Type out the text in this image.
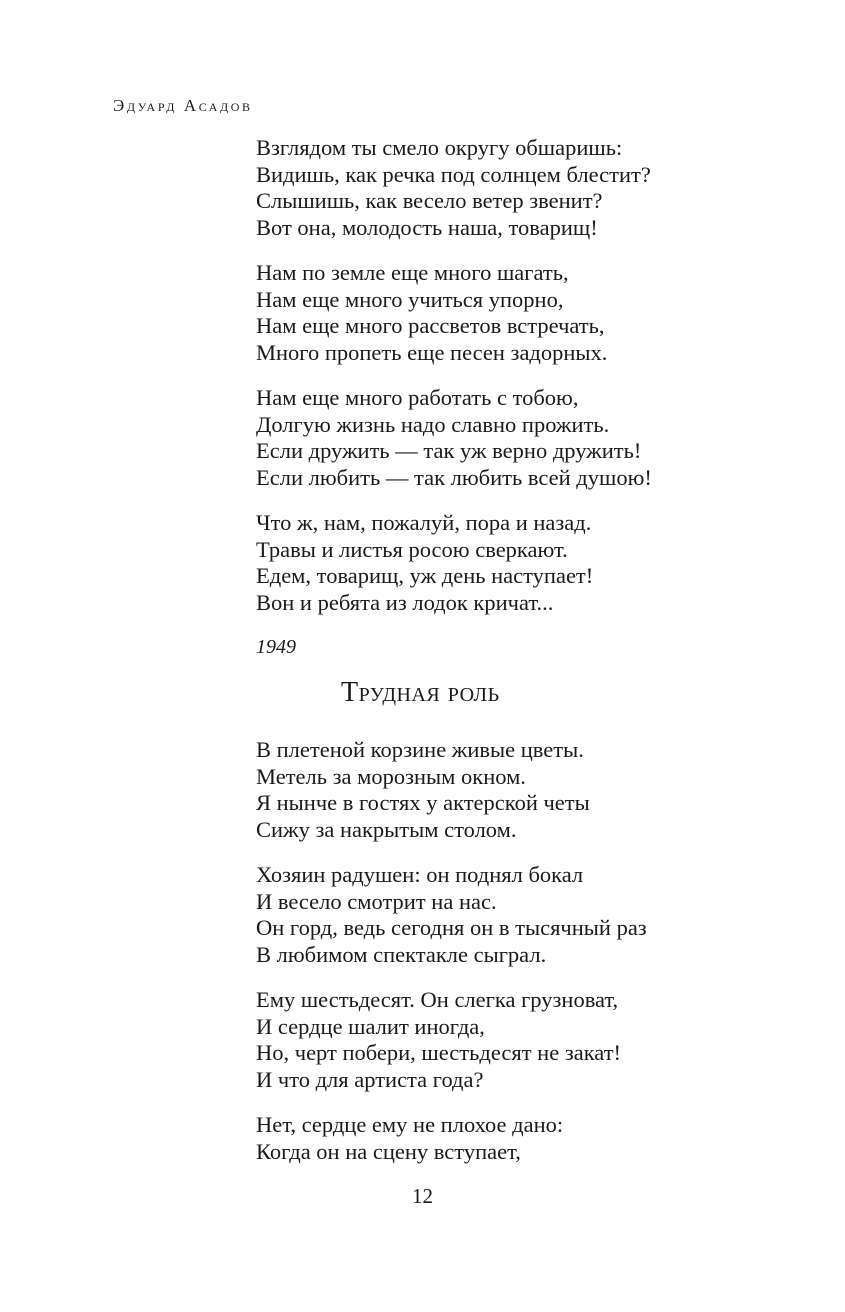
Эдуард Асадов
Взглядом ты смело округу обшаришь:
Видишь, как речка под солнцем блестит?
Слышишь, как весело ветер звенит?
Вот она, молодость наша, товарищ!
Нам по земле еще много шагать,
Нам еще много учиться упорно,
Нам еще много рассветов встречать,
Много пропеть еще песен задорных.
Нам еще много работать с тобою,
Долгую жизнь надо славно прожить.
Если дружить — так уж верно дружить!
Если любить — так любить всей душою!
Что ж, нам, пожалуй, пора и назад.
Травы и листья росою сверкают.
Едем, товарищ, уж день наступает!
Вон и ребята из лодок кричат...
1949
Трудная роль
В плетеной корзине живые цветы.
Метель за морозным окном.
Я нынче в гостях у актерской четы
Сижу за накрытым столом.
Хозяин радушен: он поднял бокал
И весело смотрит на нас.
Он горд, ведь сегодня он в тысячный раз
В любимом спектакле сыграл.
Ему шестьдесят. Он слегка грузноват,
И сердце шалит иногда,
Но, черт побери, шестьдесят не закат!
И что для артиста года?
Нет, сердце ему не плохое дано:
Когда он на сцену вступает,
12
